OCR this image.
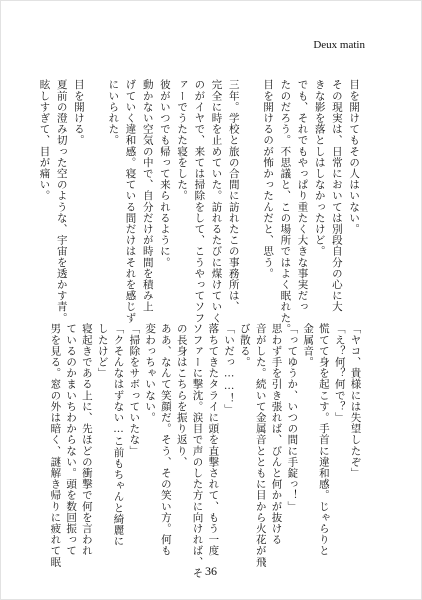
Deux matin
目を開けてもその人はいない。
その現実は、日常においては別段自分の心に大
きな影を落としはしなかったけど。
でも、それでもやっぱり重たく大きな事実だっ
たのだろう。不思議と、この場所ではよく眠れた。
目を開けるのが怖かったんだと、思う。
三年。学校と旅の合間に訪れたこの事務所は、
完全に時を止めていた。訪れるたびに煤けていく
のがイヤで、来ては掃除をして、こうやってソフ
ァーでうたた寝をした。
彼がいつでも帰って来られるように。
動かない空気の中で、自分だけが時間を積み上
げていく違和感。寝ている間だけはそれを感じず
にいられた。
目を開ける。
夏前の澄み切った空のような、宇宙を透かす青。
眩しすぎて、目が痛い。
「ヤコ、貴様には失望したぞ」
「え？何？何で？」
慌てて身を起こす。手首に違和感。じゃらりと
金属音。
「ってゆうか、いつの間に手錠っ！」
思わず手を引き張れば、びんと何かが抜ける
音がした。続いて金属音とともに目から火花が飛
び散る。
「いだっ……！」
落ちてきたタライに頭を直撃されて、もう一度
ソファーに撃沈。涙目で声のした方に向ければ、そ
の長身はこちらを振り返り、
ああ、なんて笑顔だ。そう、その笑い方。何も
変わっちゃいない。
「掃除をサボっていたな」
「クそんなはずない…こ前もちゃんと綺麗に
したけど」
寝起きである上に、先ほどの衝撃で何を言われ
ているのかまいちわからない。頭を数回振って
男を見る。窓の外は暗く、謎解き帰りに疲れて眠
36
